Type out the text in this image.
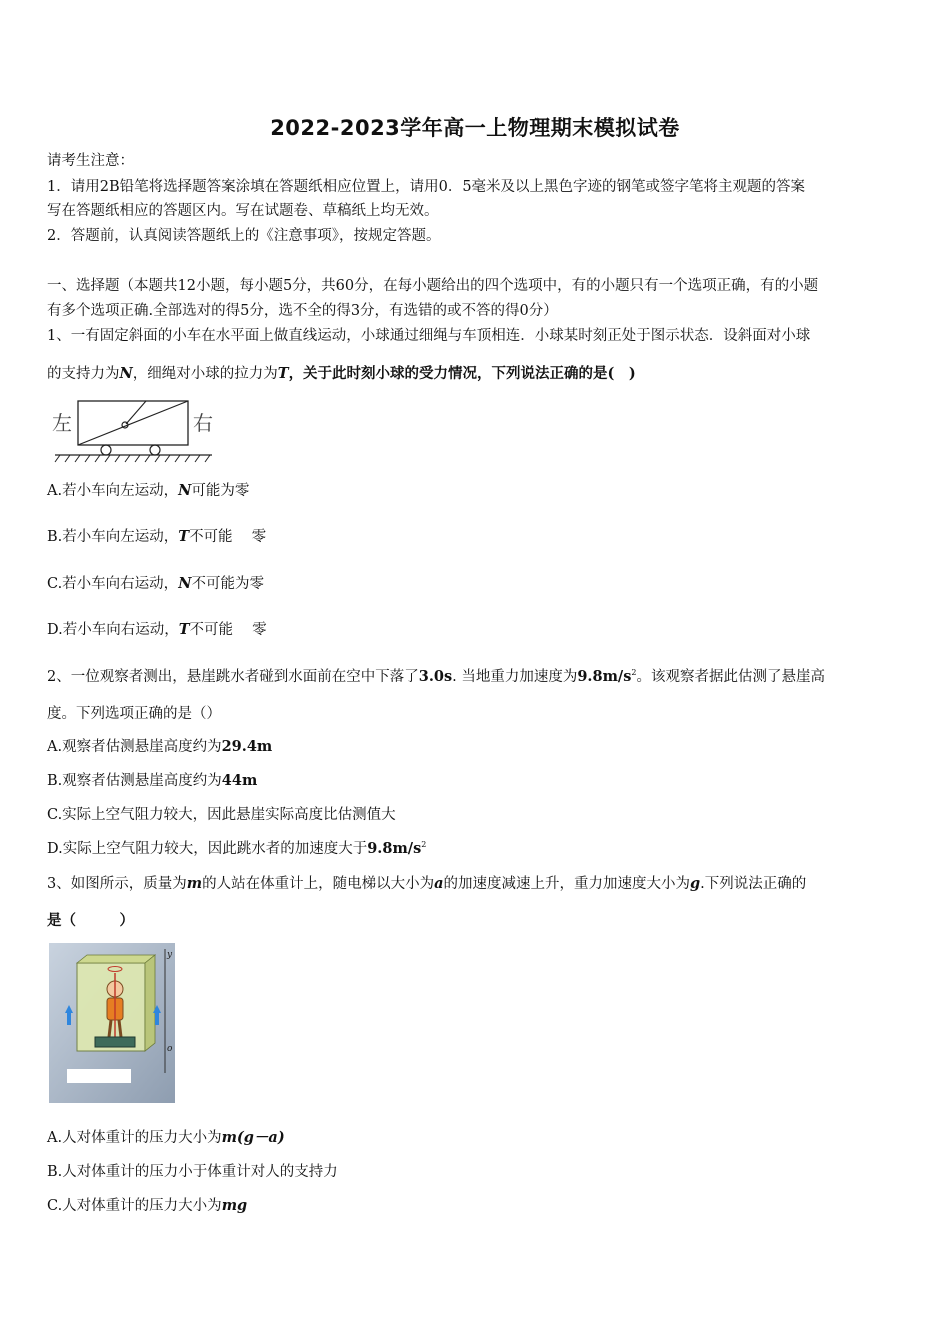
2022-2023学年高一上物理期末模拟试卷
请考生注意：
1．请用2B铅笔将选择题答案涂填在答题纸相应位置上，请用0．5毫米及以上黑色字迹的钢笔或签字笔将主观题的答案
写在答题纸相应的答题区内。写在试题卷、草稿纸上均无效。
2．答题前，认真阅读答题纸上的《注意事项》，按规定答题。
一、选择题（本题共12小题，每小题5分，共60分，在每小题给出的四个选项中，有的小题只有一个选项正确，有的小题
有多个选项正确.全部选对的得5分，选不全的得3分，有选错的或不答的得0分）
1、一有固定斜面的小车在水平面上做直线运动，小球通过细绳与车顶相连．小球某时刻正处于图示状态．设斜面对小球
的支持力为N，细绳对小球的拉力为T，关于此时刻小球的受力情况，下列说法正确的是(　)
左	右
A.若小车向左运动，N可能为零
B.若小车向左运动，T不可能　 零
C.若小车向右运动，N不可能为零
D.若小车向右运动，T不可能　 零
2、一位观察者测出，悬崖跳水者碰到水面前在空中下落了3.0s. 当地重力加速度为$9.8m/s^2$。该观察者据此估测了悬崖高
度。下列选项正确的是（）
A.观察者估测悬崖高度约为29.4m
B.观察者估测悬崖高度约为44m
C.实际上空气阻力较大，因此悬崖实际高度比估测值大
D.实际上空气阻力较大，因此跳水者的加速度大于$9.8m/s^2$
3、如图所示，质量为m的人站在体重计上，随电梯以大小为a的加速度减速上升，重力加速度大小为g.下列说法正确的
是（　　　）
y
o
A.人对体重计的压力大小为m(g－a)
B.人对体重计的压力小于体重计对人的支持力
C.人对体重计的压力大小为mg
